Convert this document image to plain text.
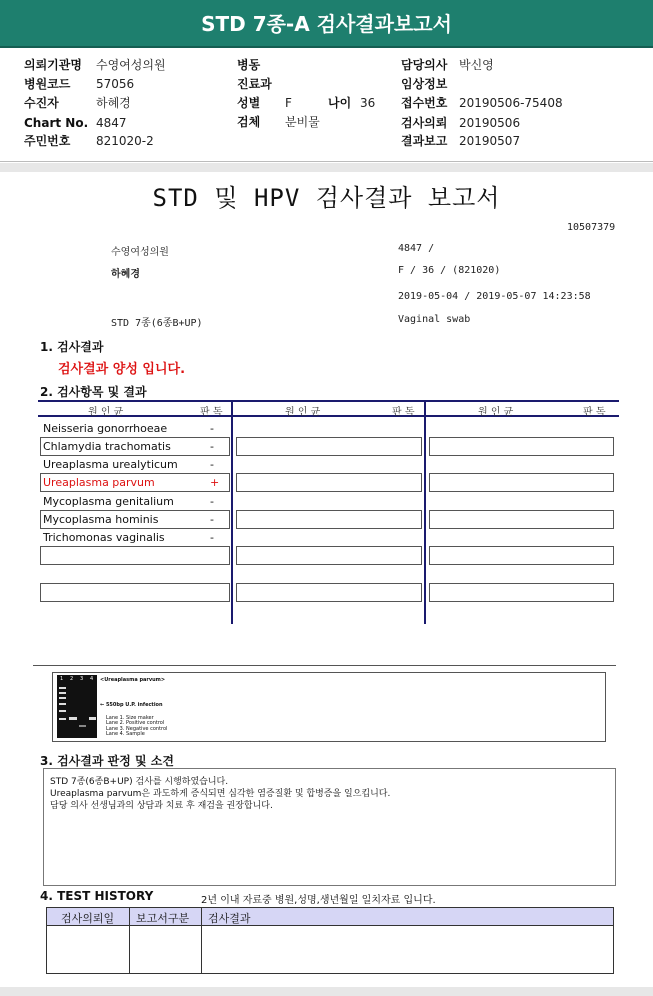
STD 7종-A 검사결과보고서
의뢰기관명 수영여성의원
병원코드 57056
수진자	하혜경
Chart No. 4847
주민번호 821020-2
병동
진료과
성별 F	나이 36
검체 분비물
담당의사 박신영
임상정보
접수번호 20190506-75408
검사의뢰 20190506
결과보고 20190507
STD 및 HPV 검사결과 보고서
10507379
수영여성의원	4847 /
하혜경	F / 36 / (821020)
2019-05-04 / 2019-05-07 14:23:58
STD 7종(6종B+UP)	Vaginal swab
1. 검사결과
검사결과 양성 입니다.
2. 검사항목 및 결과
원 인 균	판 독	원 인 균	판 독	원 인 균	판 독
Neisseria gonorrhoeae	-
Chlamydia trachomatis	-
Ureaplasma urealyticum	-
Ureaplasma parvum	+
Mycoplasma genitalium	-
Mycoplasma hominis	-
Trichomonas vaginalis	-
1 2 3 4 <Ureaplasma parvum>
← 550bp U.P. infection
Lane 1. Size maker
Lane 2. Positive control
Lane 3. Negative control
Lane 4. Sample
3. 검사결과 판정 및 소견
STD 7종(6종B+UP) 검사를 시행하였습니다.
Ureaplasma parvum은 과도하게 증식되면 심각한 염증질환 및 합병증을 일으킵니다.
담당 의사 선생님과의 상담과 치료 후 재검을 권장합니다.
4. TEST HISTORY	2년 이내 자료중 병원,성명,생년월일 일치자료 입니다.
검사의뢰일 보고서구분 검사결과
